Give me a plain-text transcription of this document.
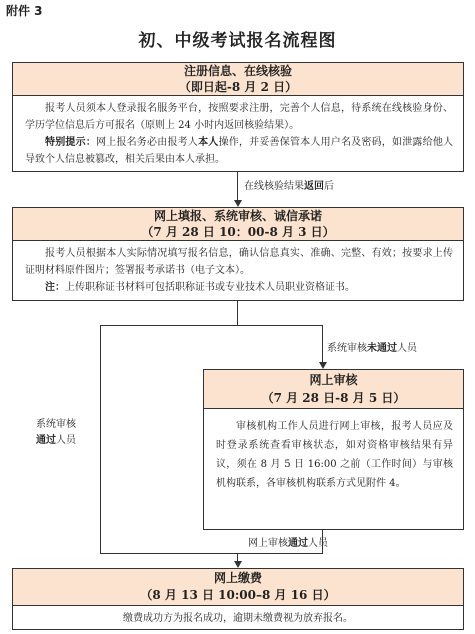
附件 3
初、中级考试报名流程图
注册信息、在线核验
（即日起-8 月 2 日）

报考人员须本人登录报名服务平台，按照要求注册，完善个人信息，待系统在线核验身份、学历学位信息后方可报名（原则上 24 小时内返回核验结果）。

特别提示：网上报名务必由报考人本人操作，并妥善保管本人用户名及密码，如泄露给他人导致个人信息被篡改，相关后果由本人承担。

在线核验结果返回后
网上填报、系统审核、诚信承诺
（7 月 28 日 10：00-8 月 3 日）

报考人员根据本人实际情况填写报名信息，确认信息真实、准确、完整、有效；按要求上传证明材料原件图片；签署报考承诺书（电子文本）。

注：上传职称证书材料可包括职称证书或专业技术人员职业资格证书。

系统审核未通过人员
系统审核
通过人员
网上审核
（7 月 28 日-8 月 5 日）

审核机构工作人员进行网上审核，报考人员应及时登录系统查看审核状态，如对资格审核结果有异议，须在 8 月 5 日 16:00 之前（工作时间）与审核机构联系，各审核机构联系方式见附件 4。

网上审核通过人员
网上缴费
（8 月 13 日 10:00–8 月 16 日）

缴费成功方为报名成功，逾期未缴费视为放弃报名。
